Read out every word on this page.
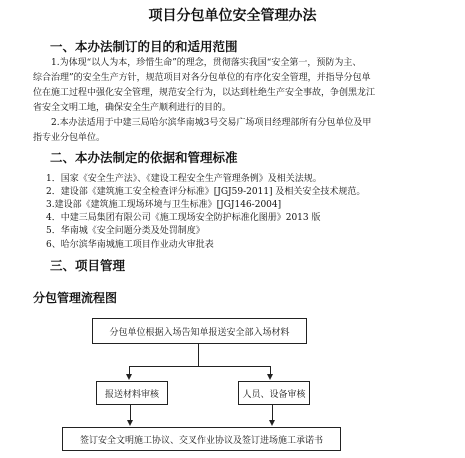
项目分包单位安全管理办法
一、本办法制订的目的和适用范围
1.为体现“以人为本，珍惜生命”的理念，贯彻落实我国“安全第一，预防为主、
综合治理”的安全生产方针，规范项目对各分包单位的有序化安全管理，并指导分包单
位在施工过程中强化安全管理，规范安全行为，以达到杜绝生产安全事故，争创黑龙江
省安全文明工地，确保安全生产顺利进行的目的。
2.本办法适用于中建三局哈尔滨华南城3号交易广场项目经理部所有分包单位及甲
指专业分包单位。
二、本办法制定的依据和管理标准
1．国家《安全生产法》、《建设工程安全生产管理条例》及相关法规。
2．建设部《建筑施工安全检查评分标准》[JGJ59-2011] 及相关安全技术规范。
3.建设部《建筑施工现场环境与卫生标准》[JGJ146-2004]
4．中建三局集团有限公司《施工现场安全防护标准化图册》2013 版
5．华南城《安全问题分类及处罚制度》
6、哈尔滨华南城施工项目作业动火审批表
三、项目管理
分包管理流程图
分包单位根据入场告知单报送安全部入场材料
报送材料审核	人员、设备审核
签订安全文明施工协议、交叉作业协议及签订进场施工承诺书
